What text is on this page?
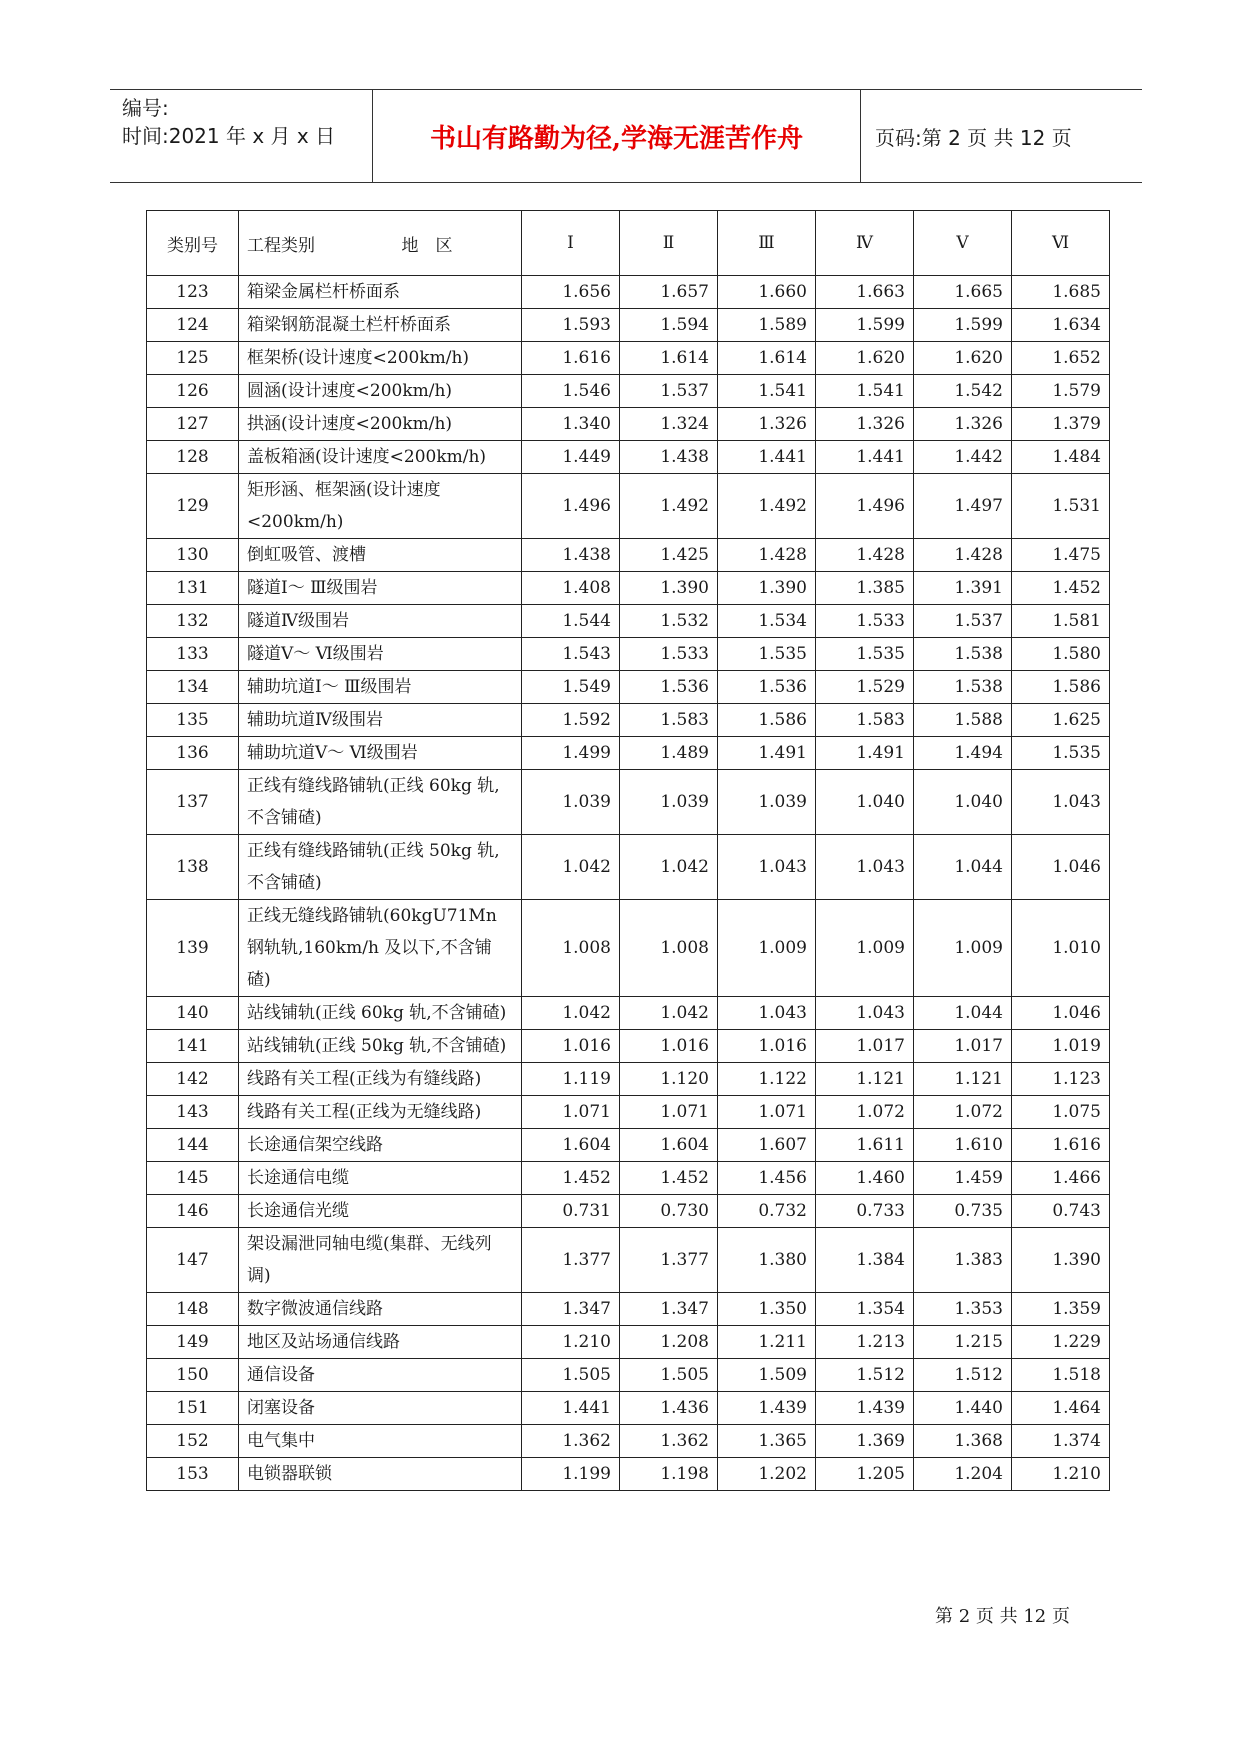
编号:
时间:2021 年 x 月 x 日	书山有路勤为径,学海无涯苦作舟	页码:第 2 页 共 12 页
类别号	工程类别                地　区	Ⅰ	Ⅱ	Ⅲ	Ⅳ	Ⅴ	Ⅵ
123	箱梁金属栏杆桥面系	1.656	1.657	1.660	1.663	1.665	1.685
124	箱梁钢筋混凝土栏杆桥面系	1.593	1.594	1.589	1.599	1.599	1.634
125	框架桥(设计速度<200km/h)	1.616	1.614	1.614	1.620	1.620	1.652
126	圆涵(设计速度<200km/h)	1.546	1.537	1.541	1.541	1.542	1.579
127	拱涵(设计速度<200km/h)	1.340	1.324	1.326	1.326	1.326	1.379
128	盖板箱涵(设计速度<200km/h)	1.449	1.438	1.441	1.441	1.442	1.484
129	矩形涵、框架涵(设计速度<200km/h)	1.496	1.492	1.492	1.496	1.497	1.531
130	倒虹吸管、渡槽	1.438	1.425	1.428	1.428	1.428	1.475
131	隧道Ⅰ～ Ⅲ级围岩	1.408	1.390	1.390	1.385	1.391	1.452
132	隧道Ⅳ级围岩	1.544	1.532	1.534	1.533	1.537	1.581
133	隧道Ⅴ～ Ⅵ级围岩	1.543	1.533	1.535	1.535	1.538	1.580
134	辅助坑道Ⅰ～ Ⅲ级围岩	1.549	1.536	1.536	1.529	1.538	1.586
135	辅助坑道Ⅳ级围岩	1.592	1.583	1.586	1.583	1.588	1.625
136	辅助坑道Ⅴ～ Ⅵ级围岩	1.499	1.489	1.491	1.491	1.494	1.535
137	正线有缝线路铺轨(正线 60kg 轨,不含铺碴)	1.039	1.039	1.039	1.040	1.040	1.043
138	正线有缝线路铺轨(正线 50kg 轨,不含铺碴)	1.042	1.042	1.043	1.043	1.044	1.046
139	正线无缝线路铺轨(60kgU71Mn 钢轨轨,160km/h 及以下,不含铺碴)	1.008	1.008	1.009	1.009	1.009	1.010
140	站线铺轨(正线 60kg 轨,不含铺碴)	1.042	1.042	1.043	1.043	1.044	1.046
141	站线铺轨(正线 50kg 轨,不含铺碴)	1.016	1.016	1.016	1.017	1.017	1.019
142	线路有关工程(正线为有缝线路)	1.119	1.120	1.122	1.121	1.121	1.123
143	线路有关工程(正线为无缝线路)	1.071	1.071	1.071	1.072	1.072	1.075
144	长途通信架空线路	1.604	1.604	1.607	1.611	1.610	1.616
145	长途通信电缆	1.452	1.452	1.456	1.460	1.459	1.466
146	长途通信光缆	0.731	0.730	0.732	0.733	0.735	0.743
147	架设漏泄同轴电缆(集群、无线列调)	1.377	1.377	1.380	1.384	1.383	1.390
148	数字微波通信线路	1.347	1.347	1.350	1.354	1.353	1.359
149	地区及站场通信线路	1.210	1.208	1.211	1.213	1.215	1.229
150	通信设备	1.505	1.505	1.509	1.512	1.512	1.518
151	闭塞设备	1.441	1.436	1.439	1.439	1.440	1.464
152	电气集中	1.362	1.362	1.365	1.369	1.368	1.374
153	电锁器联锁	1.199	1.198	1.202	1.205	1.204	1.210
第 2 页 共 12 页
